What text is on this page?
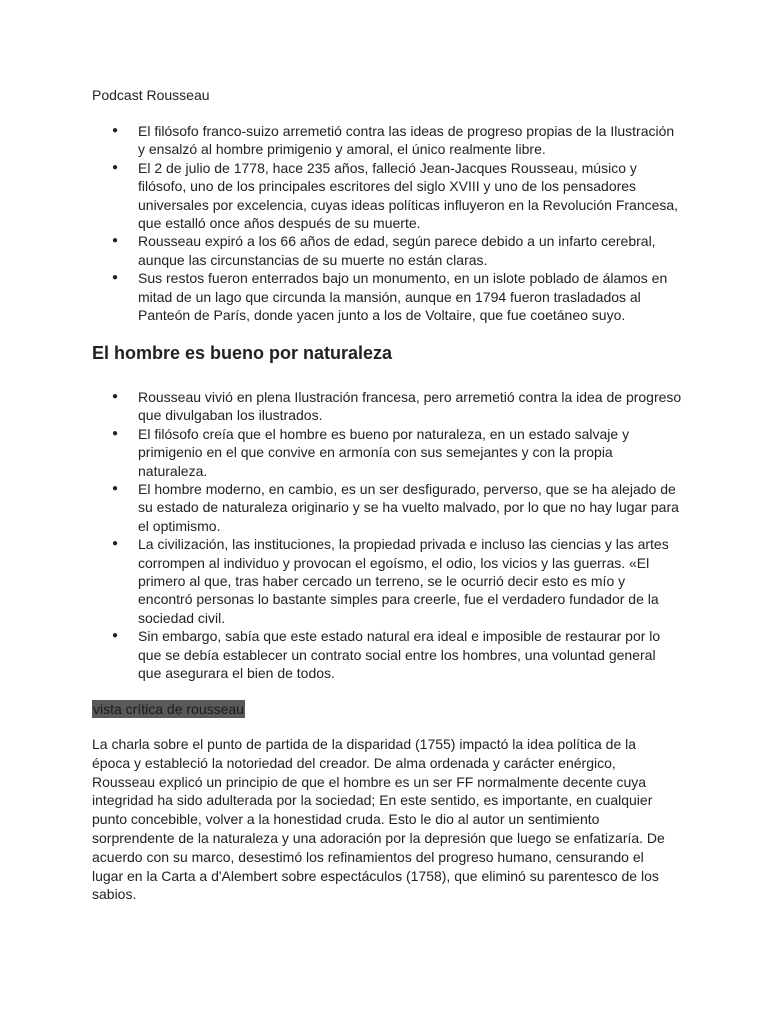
Podcast Rousseau
● El filósofo franco-suizo arremetió contra las ideas de progreso propias de la Ilustración y ensalzó al hombre primigenio y amoral, el único realmente libre.
● El 2 de julio de 1778, hace 235 años, falleció Jean-Jacques Rousseau, músico y filósofo, uno de los principales escritores del siglo XVIII y uno de los pensadores universales por excelencia, cuyas ideas políticas influyeron en la Revolución Francesa, que estalló once años después de su muerte.
● Rousseau expiró a los 66 años de edad, según parece debido a un infarto cerebral, aunque las circunstancias de su muerte no están claras.
● Sus restos fueron enterrados bajo un monumento, en un islote poblado de álamos en mitad de un lago que circunda la mansión, aunque en 1794 fueron trasladados al Panteón de París, donde yacen junto a los de Voltaire, que fue coetáneo suyo.
El hombre es bueno por naturaleza
● Rousseau vivió en plena Ilustración francesa, pero arremetió contra la idea de progreso que divulgaban los ilustrados.
● El filósofo creía que el hombre es bueno por naturaleza, en un estado salvaje y primigenio en el que convive en armonía con sus semejantes y con la propia naturaleza.
● El hombre moderno, en cambio, es un ser desfigurado, perverso, que se ha alejado de su estado de naturaleza originario y se ha vuelto malvado, por lo que no hay lugar para el optimismo.
● La civilización, las instituciones, la propiedad privada e incluso las ciencias y las artes corrompen al individuo y provocan el egoísmo, el odio, los vicios y las guerras. «El primero al que, tras haber cercado un terreno, se le ocurrió decir esto es mío y encontró personas lo bastante simples para creerle, fue el verdadero fundador de la sociedad civil.
● Sin embargo, sabía que este estado natural era ideal e imposible de restaurar por lo que se debía establecer un contrato social entre los hombres, una voluntad general que asegurara el bien de todos.
vista crítica de rousseau

La charla sobre el punto de partida de la disparidad (1755) impactó la idea política de la época y estableció la notoriedad del creador. De alma ordenada y carácter enérgico, Rousseau explicó un principio de que el hombre es un ser FF normalmente decente cuya integridad ha sido adulterada por la sociedad; En este sentido, es importante, en cualquier punto concebible, volver a la honestidad cruda. Esto le dio al autor un sentimiento sorprendente de la naturaleza y una adoración por la depresión que luego se enfatizaría. De acuerdo con su marco, desestimó los refinamientos del progreso humano, censurando el lugar en la Carta a d'Alembert sobre espectáculos (1758), que eliminó su parentesco de los sabios.
